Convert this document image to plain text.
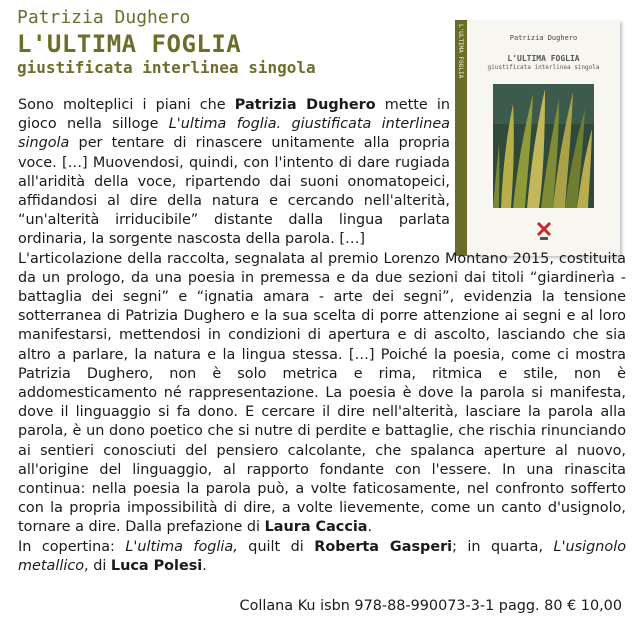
Patrizia Dughero
L'ULTIMA FOGLIA
giustificata interlinea singola	L'ULTIMA FOGLIA	Patrizia Dughero
L'ULTIMA FOGLIA
giustificata interlinea singola

Sono molteplici i piani che Patrizia Dughero mette in gioco nella silloge L'ultima foglia. giustificata interlinea singola per tentare di rinascere unitamente alla propria voce. […] Muovendosi, quindi, con l'intento di dare rugiada all'aridità della voce, ripartendo dai suoni onomatopeici, affidandosi al dire della natura e cercando nell'alterità, “un'alterità irriducibile” distante dalla lingua parlata ordinaria, la sorgente nascosta della parola. […]

L'articolazione della raccolta, segnalata al premio Lorenzo Montano 2015, costituita da un prologo, da una poesia in premessa e da due sezioni dai titoli “giardinerìa - battaglia dei segni” e “ignatia amara - arte dei segni”, evidenzia la tensione sotterranea di Patrizia Dughero e la sua scelta di porre attenzione ai segni e al loro manifestarsi, mettendosi in condizioni di apertura e di ascolto, lasciando che sia altro a parlare, la natura e la lingua stessa. […] Poiché la poesia, come ci mostra Patrizia Dughero, non è solo metrica e rima, ritmica e stile, non è addomesticamento né rappresentazione. La poesia è dove la parola si manifesta, dove il linguaggio si fa dono. E cercare il dire nell'alterità, lasciare la parola alla parola, è un dono poetico che si nutre di perdite e battaglie, che rischia rinunciando ai sentieri conosciuti del pensiero calcolante, che spalanca aperture al nuovo, all'origine del linguaggio, al rapporto fondante con l'essere. In una rinascita continua: nella poesia la parola può, a volte faticosamente, nel confronto sofferto con la propria impossibilità di dire, a volte lievemente, come un canto d'usignolo, tornare a dire. Dalla prefazione di Laura Caccia.

In copertina: L'ultima foglia, quilt di Roberta Gasperi; in quarta, L'usignolo metallico, di Luca Polesi.

Collana Ku isbn 978-88-990073-3-1 pagg. 80 € 10,00
